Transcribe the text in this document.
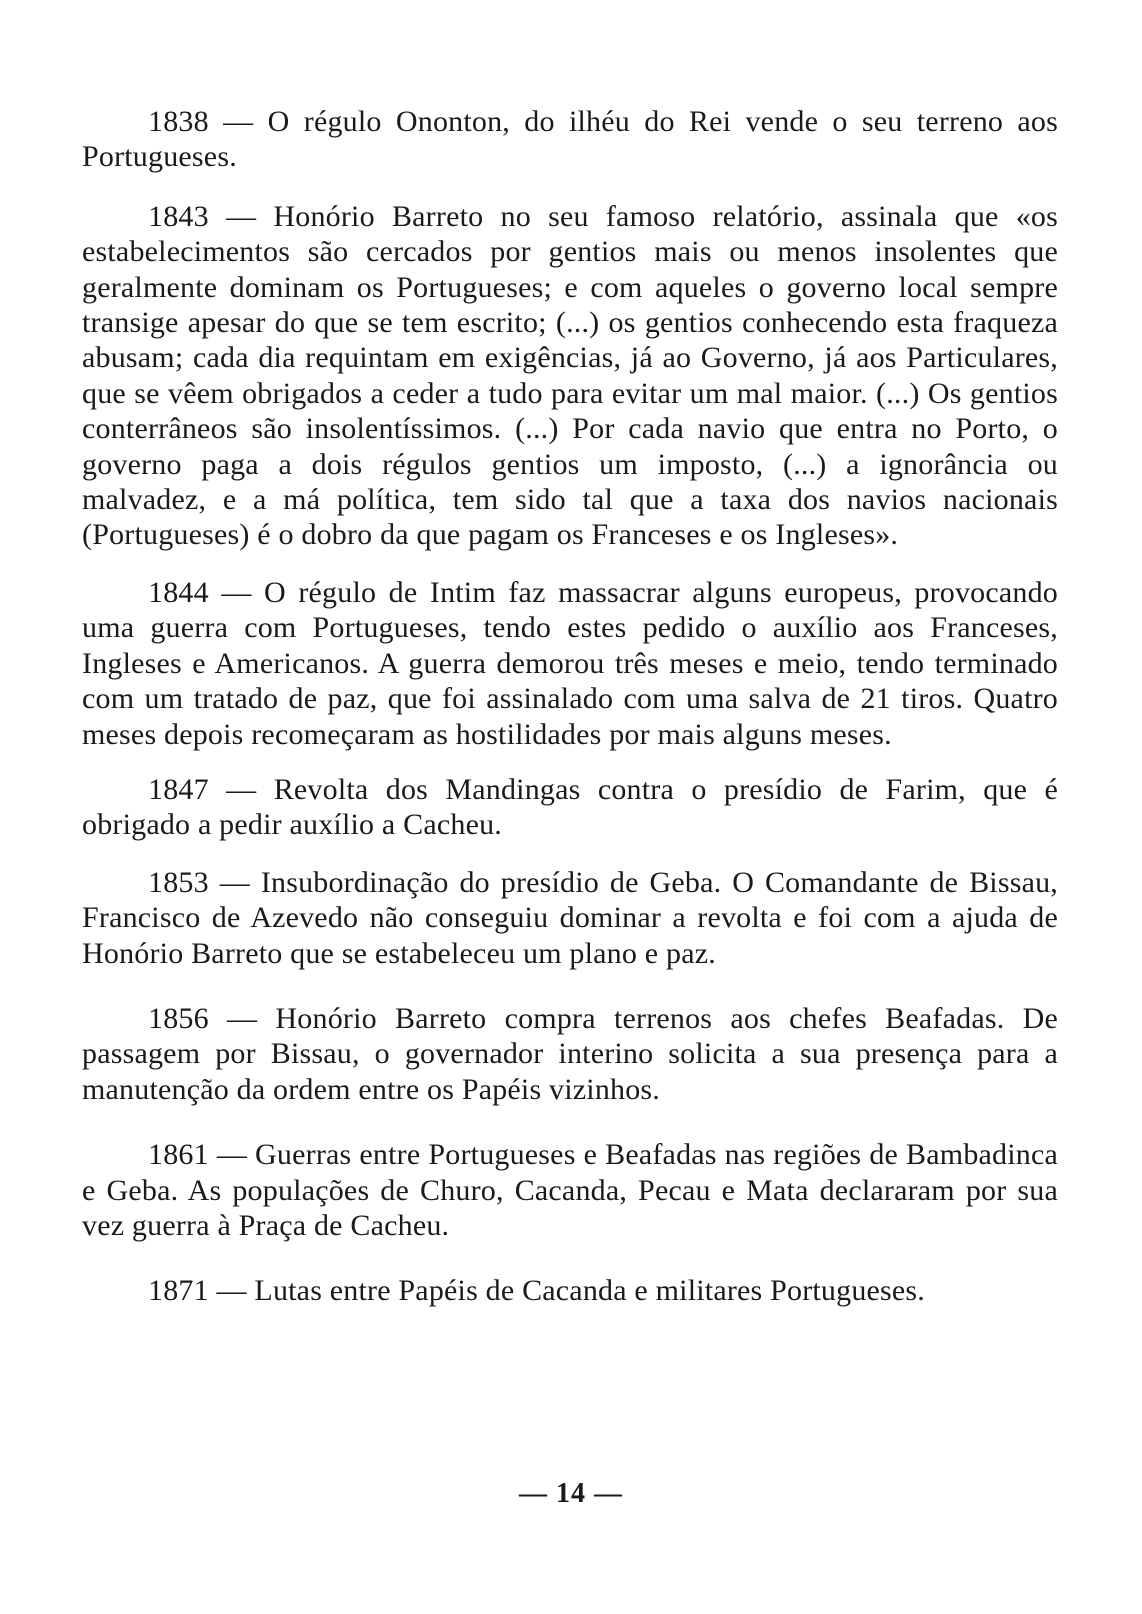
1838 — O régulo Ononton, do ilhéu do Rei vende o seu terreno aos Portugueses.

1843 — Honório Barreto no seu famoso relatório, assinala que «os estabelecimentos são cercados por gentios mais ou menos insolentes que geralmente dominam os Portugueses; e com aqueles o governo local sempre transige apesar do que se tem escrito; (...) os gentios conhecendo esta fraqueza abusam; cada dia requintam em exigências, já ao Governo, já aos Particulares, que se vêem obrigados a ceder a tudo para evitar um mal maior. (...) Os gentios conterrâneos são insolentíssimos. (...) Por cada navio que entra no Porto, o governo paga a dois régulos gentios um imposto, (...) a ignorância ou malvadez, e a má política, tem sido tal que a taxa dos navios nacionais (Portugueses) é o dobro da que pagam os Franceses e os Ingleses».

1844 — O régulo de Intim faz massacrar alguns europeus, provocando uma guerra com Portugueses, tendo estes pedido o auxílio aos Franceses, Ingleses e Americanos. A guerra demorou três meses e meio, tendo terminado com um tratado de paz, que foi assinalado com uma salva de 21 tiros. Quatro meses depois recomeçaram as hostilidades por mais alguns meses.

1847 — Revolta dos Mandingas contra o presídio de Farim, que é obrigado a pedir auxílio a Cacheu.

1853 — Insubordinação do presídio de Geba. O Comandante de Bissau, Francisco de Azevedo não conseguiu dominar a revolta e foi com a ajuda de Honório Barreto que se estabeleceu um plano e paz.

1856 — Honório Barreto compra terrenos aos chefes Beafadas. De passagem por Bissau, o governador interino solicita a sua presença para a manutenção da ordem entre os Papéis vizinhos.

1861 — Guerras entre Portugueses e Beafadas nas regiões de Bambadinca e Geba. As populações de Churo, Cacanda, Pecau e Mata declararam por sua vez guerra à Praça de Cacheu.

1871 — Lutas entre Papéis de Cacanda e militares Portugueses.

— 14 —
